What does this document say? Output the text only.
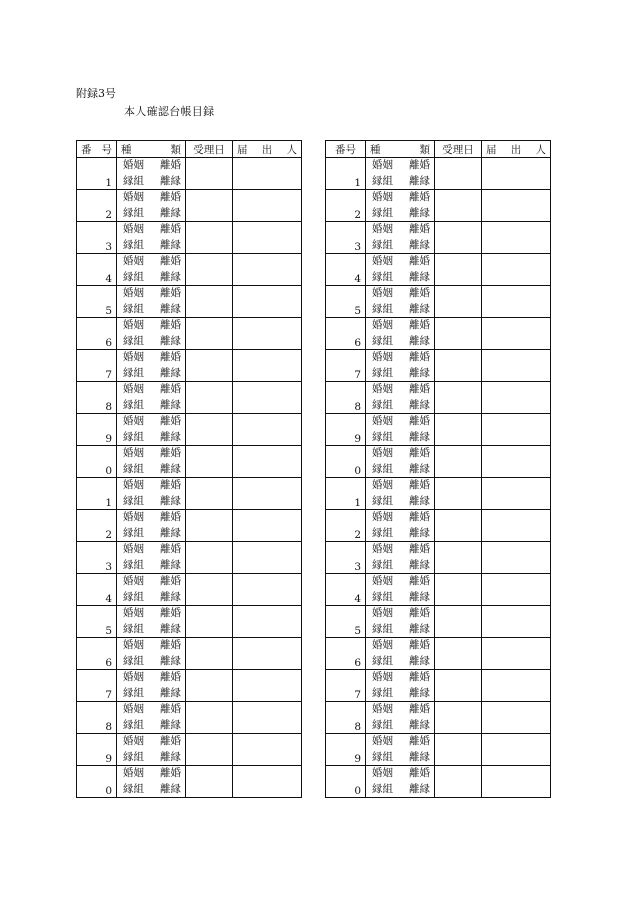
附録3号
本人確認台帳目録
番 号	種 類	受理日	届 出 人

1	婚姻 離婚
縁組 離縁		

2	婚姻 離婚
縁組 離縁		

3	婚姻 離婚
縁組 離縁		

4	婚姻 離婚
縁組 離縁		

5	婚姻 離婚
縁組 離縁		

6	婚姻 離婚
縁組 離縁		

7	婚姻 離婚
縁組 離縁		

8	婚姻 離婚
縁組 離縁		

9	婚姻 離婚
縁組 離縁		

0	婚姻 離婚
縁組 離縁		

1	婚姻 離婚
縁組 離縁		

2	婚姻 離婚
縁組 離縁		

3	婚姻 離婚
縁組 離縁		

4	婚姻 離婚
縁組 離縁		

5	婚姻 離婚
縁組 離縁		

6	婚姻 離婚
縁組 離縁		

7	婚姻 離婚
縁組 離縁		

8	婚姻 離婚
縁組 離縁		

9	婚姻 離婚
縁組 離縁		

0	婚姻 離婚
縁組 離縁		

番号	種 類	受理日	届 出 人

1	婚姻 離婚
縁組 離縁		

2	婚姻 離婚
縁組 離縁		

3	婚姻 離婚
縁組 離縁		

4	婚姻 離婚
縁組 離縁		

5	婚姻 離婚
縁組 離縁		

6	婚姻 離婚
縁組 離縁		

7	婚姻 離婚
縁組 離縁		

8	婚姻 離婚
縁組 離縁		

9	婚姻 離婚
縁組 離縁		

0	婚姻 離婚
縁組 離縁		

1	婚姻 離婚
縁組 離縁		

2	婚姻 離婚
縁組 離縁		

3	婚姻 離婚
縁組 離縁		

4	婚姻 離婚
縁組 離縁		

5	婚姻 離婚
縁組 離縁		

6	婚姻 離婚
縁組 離縁		

7	婚姻 離婚
縁組 離縁		

8	婚姻 離婚
縁組 離縁		

9	婚姻 離婚
縁組 離縁		

0	婚姻 離婚
縁組 離縁		
